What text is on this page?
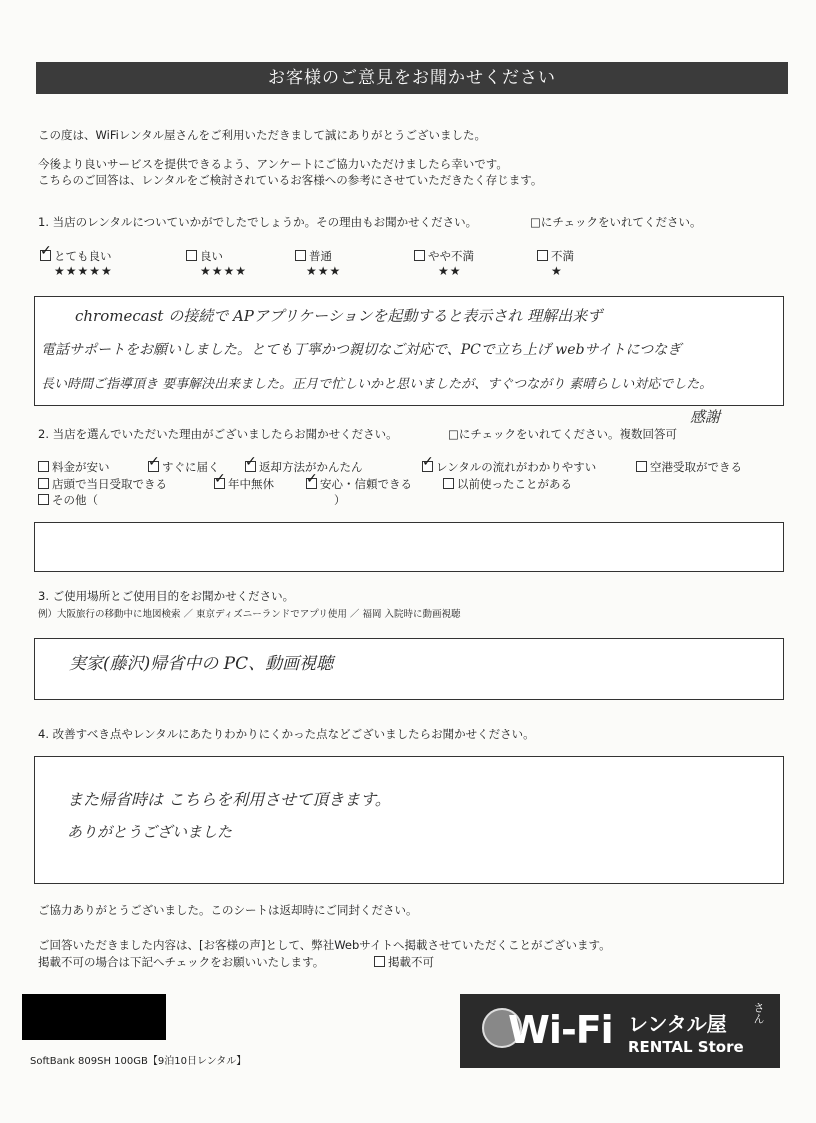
お客様のご意見をお聞かせください
この度は、WiFiレンタル屋さんをご利用いただきまして誠にありがとうございました。
今後より良いサービスを提供できるよう、アンケートにご協力いただけましたら幸いです。
こちらのご回答は、レンタルをご検討されているお客様への参考にさせていただきたく存じます。
1. 当店のレンタルについていかがでしたでしょうか。その理由もお聞かせください。	□にチェックをいれてください。
✓とても良い
★★★★★
良い
★★★★
普通
★★★
やや不満
★★
不満
★
chromecast の接続で APアプリケーションを起動すると表示され 理解出来ず
電話サポートをお願いしました。とても丁寧かつ親切なご対応で、PCで立ち上げ webサイトにつなぎ
長い時間ご指導頂き 要事解決出来ました。正月で忙しいかと思いましたが、すぐつながり 素晴らしい対応でした。
感謝
2. 当店を選んでいただいた理由がございましたらお聞かせください。	□にチェックをいれてください。複数回答可
料金が安い ✓	すぐに届く ✓	返却方法がかんたん ✓	レンタルの流れがわかりやすい	空港受取ができる
店頭で当日受取できる ✓	年中無休 ✓	安心・信頼できる	以前使ったことがある
その他（	）
3. ご使用場所とご使用目的をお聞かせください。
例）大阪旅行の移動中に地図検索 ／ 東京ディズニーランドでアプリ使用 ／ 福岡 入院時に動画視聴
実家(藤沢)帰省中の PC、動画視聴
4. 改善すべき点やレンタルにあたりわかりにくかった点などございましたらお聞かせください。
また帰省時は こちらを利用させて頂きます。
ありがとうございました
ご協力ありがとうございました。このシートは返却時にご同封ください。
ご回答いただきました内容は、[お客様の声]として、弊社Webサイトへ掲載させていただくことがございます。
掲載不可の場合は下記へチェックをお願いいたします。	掲載不可
SoftBank 809SH 100GB【9泊10日レンタル】
Wi-Fi レンタル屋
RENTAL Store
さん
